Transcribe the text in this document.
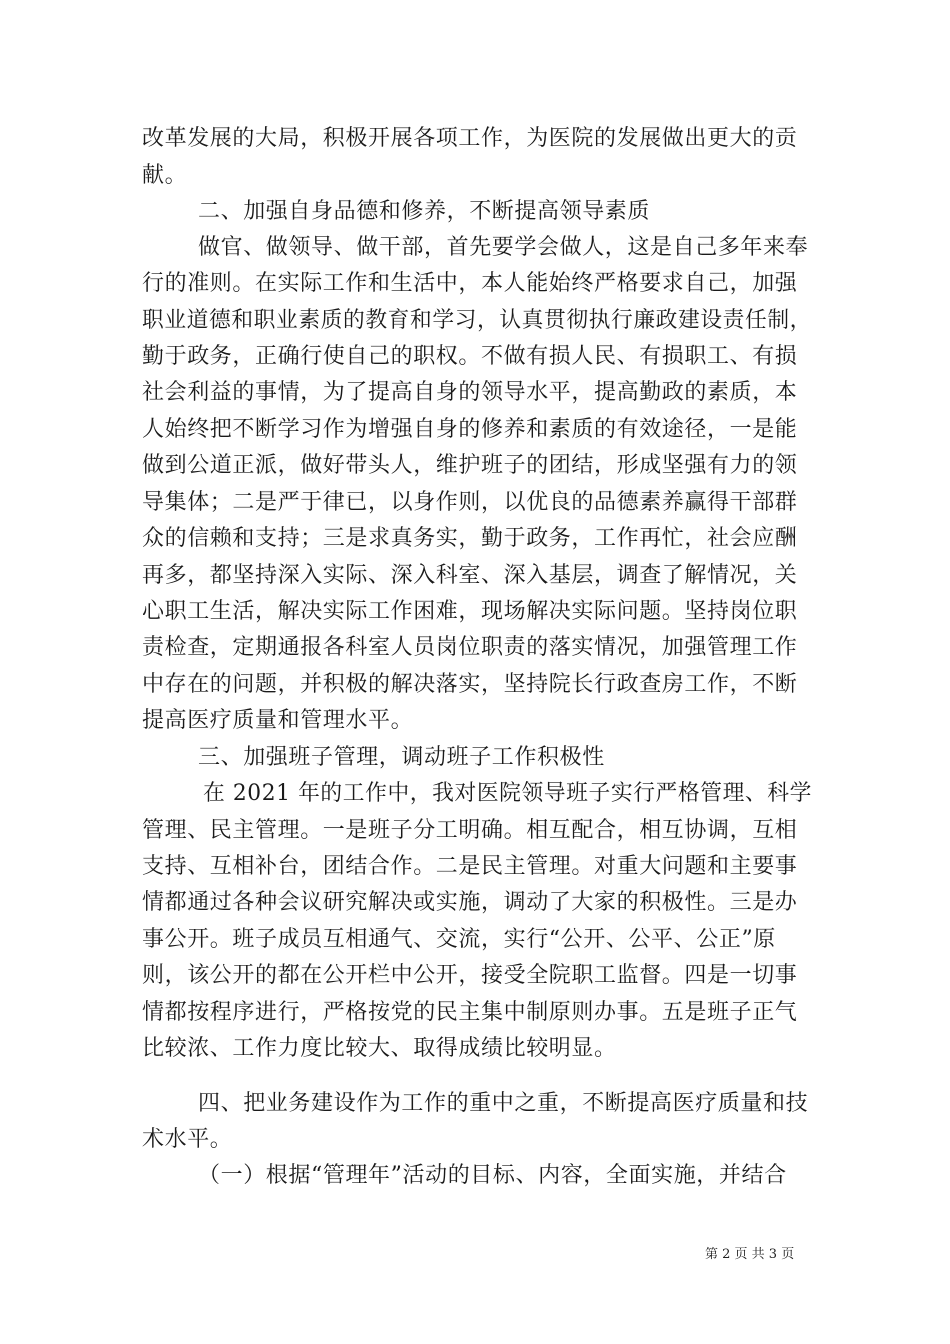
改革发展的大局，积极开展各项工作，为医院的发展做出更大的贡
献。
二、加强自身品德和修养，不断提高领导素质
做官、做领导、做干部，首先要学会做人，这是自己多年来奉
行的准则。在实际工作和生活中，本人能始终严格要求自己，加强
职业道德和职业素质的教育和学习，认真贯彻执行廉政建设责任制，
勤于政务，正确行使自己的职权。不做有损人民、有损职工、有损
社会利益的事情，为了提高自身的领导水平，提高勤政的素质，本
人始终把不断学习作为增强自身的修养和素质的有效途径，一是能
做到公道正派，做好带头人，维护班子的团结，形成坚强有力的领
导集体；二是严于律已，以身作则，以优良的品德素养赢得干部群
众的信赖和支持；三是求真务实，勤于政务，工作再忙，社会应酬
再多，都坚持深入实际、深入科室、深入基层，调查了解情况，关
心职工生活，解决实际工作困难，现场解决实际问题。坚持岗位职
责检查，定期通报各科室人员岗位职责的落实情况，加强管理工作
中存在的问题，并积极的解决落实，坚持院长行政查房工作，不断
提高医疗质量和管理水平。
三、加强班子管理，调动班子工作积极性
在 2021 年的工作中，我对医院领导班子实行严格管理、科学
管理、民主管理。一是班子分工明确。相互配合，相互协调，互相
支持、互相补台，团结合作。二是民主管理。对重大问题和主要事
情都通过各种会议研究解决或实施，调动了大家的积极性。三是办
事公开。班子成员互相通气、交流，实行“公开、公平、公正”原
则，该公开的都在公开栏中公开，接受全院职工监督。四是一切事
情都按程序进行，严格按党的民主集中制原则办事。五是班子正气
比较浓、工作力度比较大、取得成绩比较明显。
四、把业务建设作为工作的重中之重，不断提高医疗质量和技
术水平。
（一）根据“管理年”活动的目标、内容，全面实施，并结合
第 2 页 共 3 页
